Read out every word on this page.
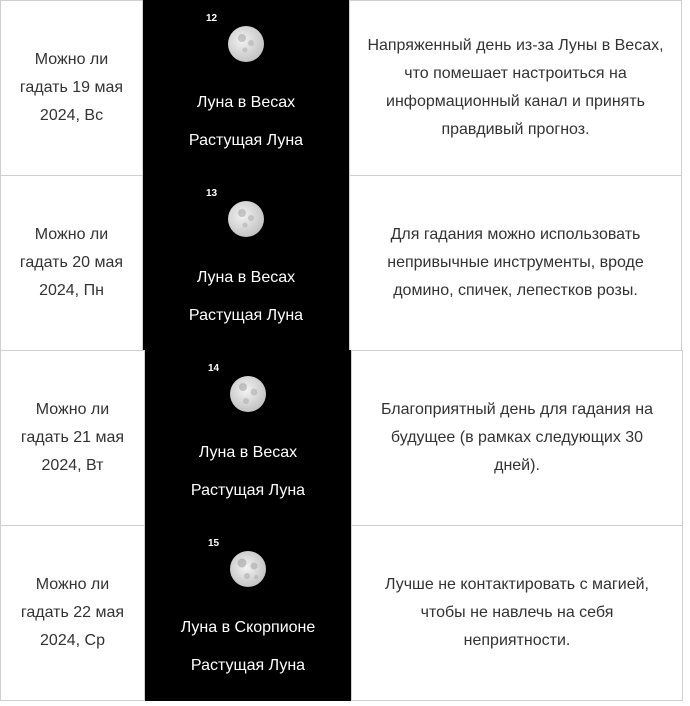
Можно ли
гадать 19 мая
2024, Вс
12
Луна в Весах
Растущая Луна
Напряженный день из-за Луны в Весах, что помешает настроиться на информационный канал и принять правдивый прогноз.
Можно ли
гадать 20 мая
2024, Пн
13
Луна в Весах
Растущая Луна
Для гадания можно использовать непривычные инструменты, вроде домино, спичек, лепестков розы.
Можно ли
гадать 21 мая
2024, Вт
14
Луна в Весах
Растущая Луна
Благоприятный день для гадания на будущее (в рамках следующих 30 дней).
Можно ли
гадать 22 мая
2024, Ср
15
Луна в Скорпионе
Растущая Луна
Лучше не контактировать с магией, чтобы не навлечь на себя неприятности.
